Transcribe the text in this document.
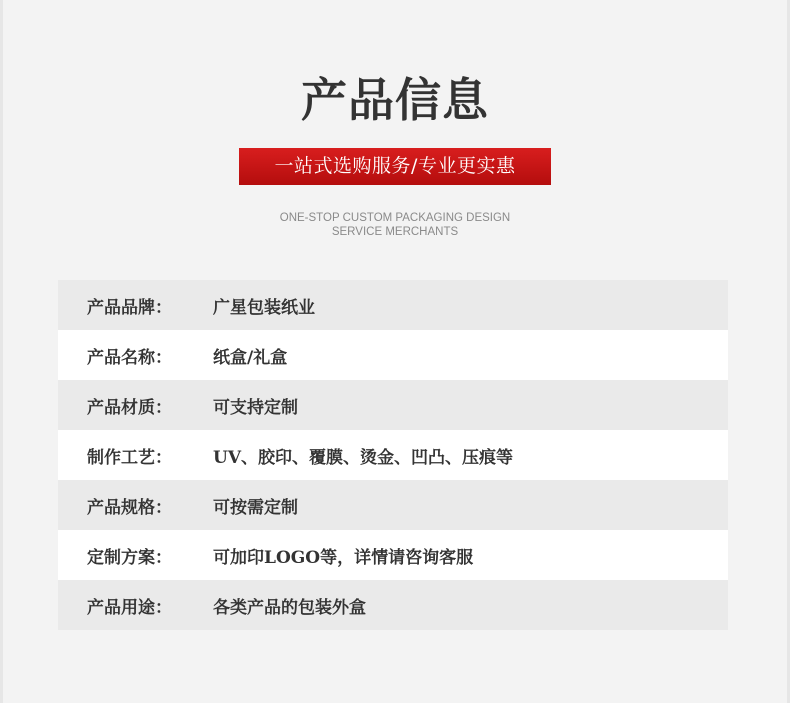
产品信息
一站式选购服务/专业更实惠
ONE-STOP CUSTOM PACKAGING DESIGN
SERVICE MERCHANTS
产品品牌：	广星包装纸业
产品名称：	纸盒/礼盒
产品材质：	可支持定制
制作工艺：	UV、胶印、覆膜、烫金、凹凸、压痕等
产品规格：	可按需定制
定制方案：	可加印LOGO等，详情请咨询客服
产品用途：	各类产品的包装外盒
